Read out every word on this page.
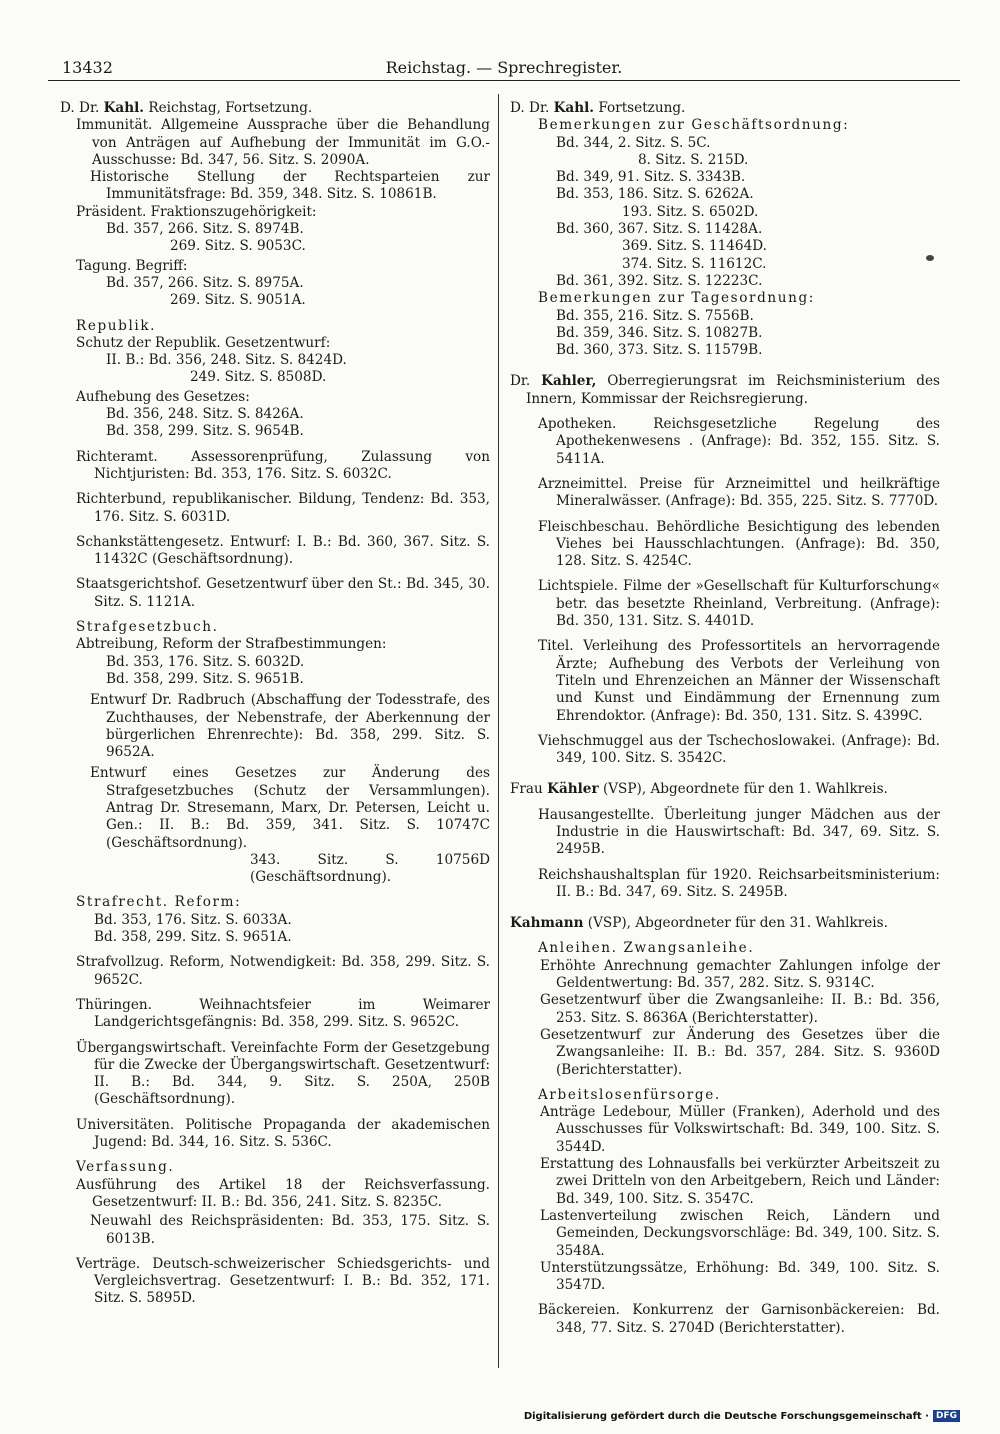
13432	Reichstag. — Sprechregister.

D. Dr. Kahl. Reichstag, Fortsetzung.

Immunität. Allgemeine Aussprache über die Behandlung von Anträgen auf Aufhebung der Immunität im G.O.-Ausschusse: Bd. 347, 56. Sitz. S. 2090A.

Historische Stellung der Rechtsparteien zur Immunitätsfrage: Bd. 359, 348. Sitz. S. 10861B.

Präsident. Fraktionszugehörigkeit:

Bd. 357, 266. Sitz. S. 8974B.

269. Sitz. S. 9053C.

Tagung. Begriff:

Bd. 357, 266. Sitz. S. 8975A.

269. Sitz. S. 9051A.

Republik.

Schutz der Republik. Gesetzentwurf:

II. B.: Bd. 356, 248. Sitz. S. 8424D.

249. Sitz. S. 8508D.

Aufhebung des Gesetzes:

Bd. 356, 248. Sitz. S. 8426A.

Bd. 358, 299. Sitz. S. 9654B.

Richteramt. Assessorenprüfung, Zulassung von Nichtjuristen: Bd. 353, 176. Sitz. S. 6032C.

Richterbund, republikanischer. Bildung, Tendenz: Bd. 353, 176. Sitz. S. 6031D.

Schankstättengesetz. Entwurf: I. B.: Bd. 360, 367. Sitz. S. 11432C (Geschäftsordnung).

Staatsgerichtshof. Gesetzentwurf über den St.: Bd. 345, 30. Sitz. S. 1121A.

Strafgesetzbuch.

Abtreibung, Reform der Strafbestimmungen:

Bd. 353, 176. Sitz. S. 6032D.

Bd. 358, 299. Sitz. S. 9651B.

Entwurf Dr. Radbruch (Abschaffung der Todesstrafe, des Zuchthauses, der Nebenstrafe, der Aberkennung der bürgerlichen Ehrenrechte): Bd. 358, 299. Sitz. S. 9652A.

Entwurf eines Gesetzes zur Änderung des Strafgesetzbuches (Schutz der Versammlungen). Antrag Dr. Stresemann, Marx, Dr. Petersen, Leicht u. Gen.: II. B.: Bd. 359, 341. Sitz. S. 10747C (Geschäftsordnung).

343. Sitz. S. 10756D (Geschäftsordnung).

Strafrecht. Reform:

Bd. 353, 176. Sitz. S. 6033A.

Bd. 358, 299. Sitz. S. 9651A.

Strafvollzug. Reform, Notwendigkeit: Bd. 358, 299. Sitz. S. 9652C.

Thüringen. Weihnachtsfeier im Weimarer Landgerichtsgefängnis: Bd. 358, 299. Sitz. S. 9652C.

Übergangswirtschaft. Vereinfachte Form der Gesetzgebung für die Zwecke der Übergangswirtschaft. Gesetzentwurf: II. B.: Bd. 344, 9. Sitz. S. 250A, 250B (Geschäftsordnung).

Universitäten. Politische Propaganda der akademischen Jugend: Bd. 344, 16. Sitz. S. 536C.

Verfassung.

Ausführung des Artikel 18 der Reichsverfassung. Gesetzentwurf: II. B.: Bd. 356, 241. Sitz. S. 8235C.

Neuwahl des Reichspräsidenten: Bd. 353, 175. Sitz. S. 6013B.

Verträge. Deutsch-schweizerischer Schiedsgerichts- und Vergleichsvertrag. Gesetzentwurf: I. B.: Bd. 352, 171. Sitz. S. 5895D.

D. Dr. Kahl. Fortsetzung.

Bemerkungen zur Geschäftsordnung:

Bd. 344, 2. Sitz. S. 5C.

8. Sitz. S. 215D.

Bd. 349, 91. Sitz. S. 3343B.

Bd. 353, 186. Sitz. S. 6262A.

193. Sitz. S. 6502D.

Bd. 360, 367. Sitz. S. 11428A.

369. Sitz. S. 11464D.

374. Sitz. S. 11612C.

Bd. 361, 392. Sitz. S. 12223C.

Bemerkungen zur Tagesordnung:

Bd. 355, 216. Sitz. S. 7556B.

Bd. 359, 346. Sitz. S. 10827B.

Bd. 360, 373. Sitz. S. 11579B.

Dr. Kahler, Oberregierungsrat im Reichsministerium des Innern, Kommissar der Reichsregierung.

Apotheken. Reichsgesetzliche Regelung des Apothekenwesens . (Anfrage): Bd. 352, 155. Sitz. S. 5411A.

Arzneimittel. Preise für Arzneimittel und heilkräftige Mineralwässer. (Anfrage): Bd. 355, 225. Sitz. S. 7770D.

Fleischbeschau. Behördliche Besichtigung des lebenden Viehes bei Hausschlachtungen. (Anfrage): Bd. 350, 128. Sitz. S. 4254C.

Lichtspiele. Filme der »Gesellschaft für Kulturforschung« betr. das besetzte Rheinland, Verbreitung. (Anfrage): Bd. 350, 131. Sitz. S. 4401D.

Titel. Verleihung des Professortitels an hervorragende Ärzte; Aufhebung des Verbots der Verleihung von Titeln und Ehrenzeichen an Männer der Wissenschaft und Kunst und Eindämmung der Ernennung zum Ehrendoktor. (Anfrage): Bd. 350, 131. Sitz. S. 4399C.

Viehschmuggel aus der Tschechoslowakei. (Anfrage): Bd. 349, 100. Sitz. S. 3542C.

Frau Kähler (VSP), Abgeordnete für den 1. Wahlkreis.

Hausangestellte. Überleitung junger Mädchen aus der Industrie in die Hauswirtschaft: Bd. 347, 69. Sitz. S. 2495B.

Reichshaushaltsplan für 1920. Reichsarbeitsministerium: II. B.: Bd. 347, 69. Sitz. S. 2495B.

Kahmann (VSP), Abgeordneter für den 31. Wahlkreis.

Anleihen. Zwangsanleihe.

Erhöhte Anrechnung gemachter Zahlungen infolge der Geldentwertung: Bd. 357, 282. Sitz. S. 9314C.

Gesetzentwurf über die Zwangsanleihe: II. B.: Bd. 356, 253. Sitz. S. 8636A (Berichterstatter).

Gesetzentwurf zur Änderung des Gesetzes über die Zwangsanleihe: II. B.: Bd. 357, 284. Sitz. S. 9360D (Berichterstatter).

Arbeitslosenfürsorge.

Anträge Ledebour, Müller (Franken), Aderhold und des Ausschusses für Volkswirtschaft: Bd. 349, 100. Sitz. S. 3544D.

Erstattung des Lohnausfalls bei verkürzter Arbeitszeit zu zwei Dritteln von den Arbeitgebern, Reich und Länder: Bd. 349, 100. Sitz. S. 3547C.

Lastenverteilung zwischen Reich, Ländern und Gemeinden, Deckungsvorschläge: Bd. 349, 100. Sitz. S. 3548A.

Unterstützungssätze, Erhöhung: Bd. 349, 100. Sitz. S. 3547D.

Bäckereien. Konkurrenz der Garnisonbäckereien: Bd. 348, 77. Sitz. S. 2704D (Berichterstatter).

Digitalisierung gefördert durch die Deutsche Forschungsgemeinschaft · DFG
